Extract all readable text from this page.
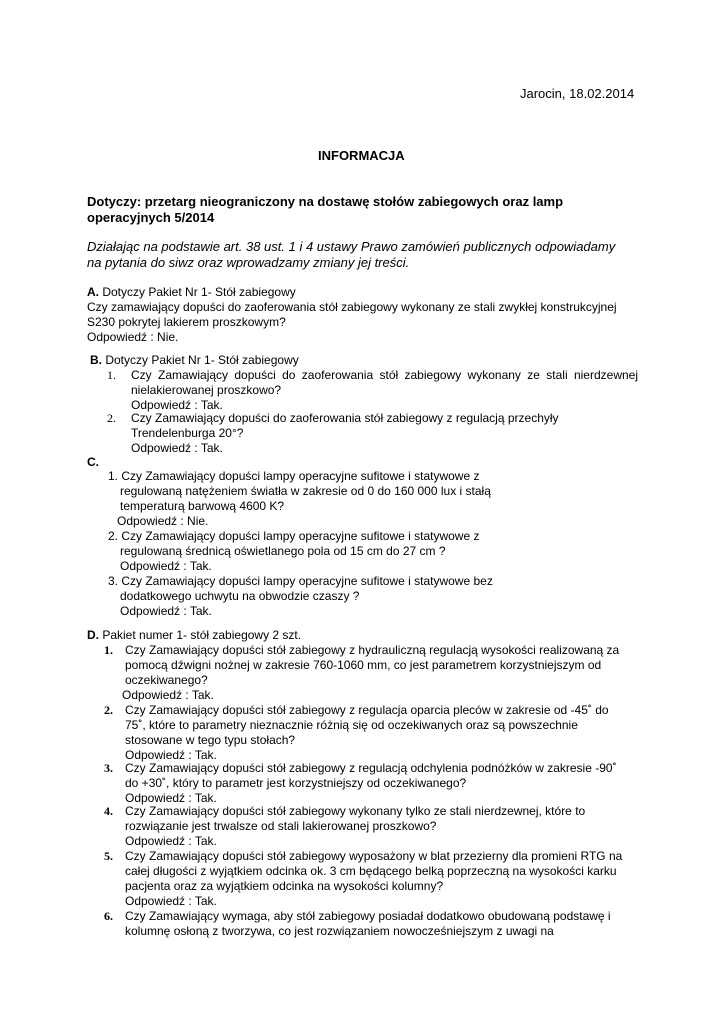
Jarocin, 18.02.2014
INFORMACJA
Dotyczy: przetarg nieograniczony na dostawę stołów zabiegowych oraz lamp
operacyjnych 5/2014
Działając na podstawie art. 38 ust. 1 i 4 ustawy Prawo zamówień publicznych odpowiadamy
na pytania do siwz oraz wprowadzamy zmiany jej treści.
A. Dotyczy Pakiet Nr 1- Stół zabiegowy
Czy zamawiający dopuści do zaoferowania stół zabiegowy wykonany ze stali zwykłej konstrukcyjnej
S230 pokrytej lakierem proszkowym?
Odpowiedź : Nie.
B. Dotyczy Pakiet Nr 1- Stół zabiegowy
1. Czy Zamawiający dopuści do zaoferowania stół zabiegowy wykonany ze stali nierdzewnej
nielakierowanej proszkowo?
Odpowiedź : Tak.
2. Czy Zamawiający dopuści do zaoferowania stół zabiegowy z regulacją przechyły
Trendelenburga 20°?
Odpowiedź : Tak.
C.
1. Czy Zamawiający dopuści lampy operacyjne sufitowe i statywowe z
regulowaną natężeniem światła w zakresie od 0 do 160 000 lux i stałą
temperaturą barwową 4600 K?
Odpowiedź : Nie.
2. Czy Zamawiający dopuści lampy operacyjne sufitowe i statywowe z
regulowaną średnicą oświetlanego pola od 15 cm do 27 cm ?
Odpowiedź : Tak.
3. Czy Zamawiający dopuści lampy operacyjne sufitowe i statywowe bez
dodatkowego uchwytu na obwodzie czaszy ?
Odpowiedź : Tak.
D. Pakiet numer 1- stół zabiegowy 2 szt.
1. Czy Zamawiający dopuści stół zabiegowy z hydrauliczną regulacją wysokości realizowaną za
pomocą dźwigni nożnej w zakresie 760-1060 mm, co jest parametrem korzystniejszym od
oczekiwanego?
Odpowiedź : Tak.
2. Czy Zamawiający dopuści stół zabiegowy z regulacja oparcia pleców w zakresie od -45˚ do
75˚, które to parametry nieznacznie różnią się od oczekiwanych oraz są powszechnie
stosowane w tego typu stołach?
Odpowiedź : Tak.
3. Czy Zamawiający dopuści stół zabiegowy z regulacją odchylenia podnóżków w zakresie -90˚
do +30˚, który to parametr jest korzystniejszy od oczekiwanego?
Odpowiedź : Tak.
4. Czy Zamawiający dopuści stół zabiegowy wykonany tylko ze stali nierdzewnej, które to
rozwiązanie jest trwalsze od stali lakierowanej proszkowo?
Odpowiedź : Tak.
5. Czy Zamawiający dopuści stół zabiegowy wyposażony w blat przezierny dla promieni RTG na
całej długości z wyjątkiem odcinka ok. 3 cm będącego belką poprzeczną na wysokości karku
pacjenta oraz za wyjątkiem odcinka na wysokości kolumny?
Odpowiedź : Tak.
6. Czy Zamawiający wymaga, aby stół zabiegowy posiadał dodatkowo obudowaną podstawę i
kolumnę osłoną z tworzywa, co jest rozwiązaniem nowocześniejszym z uwagi na
